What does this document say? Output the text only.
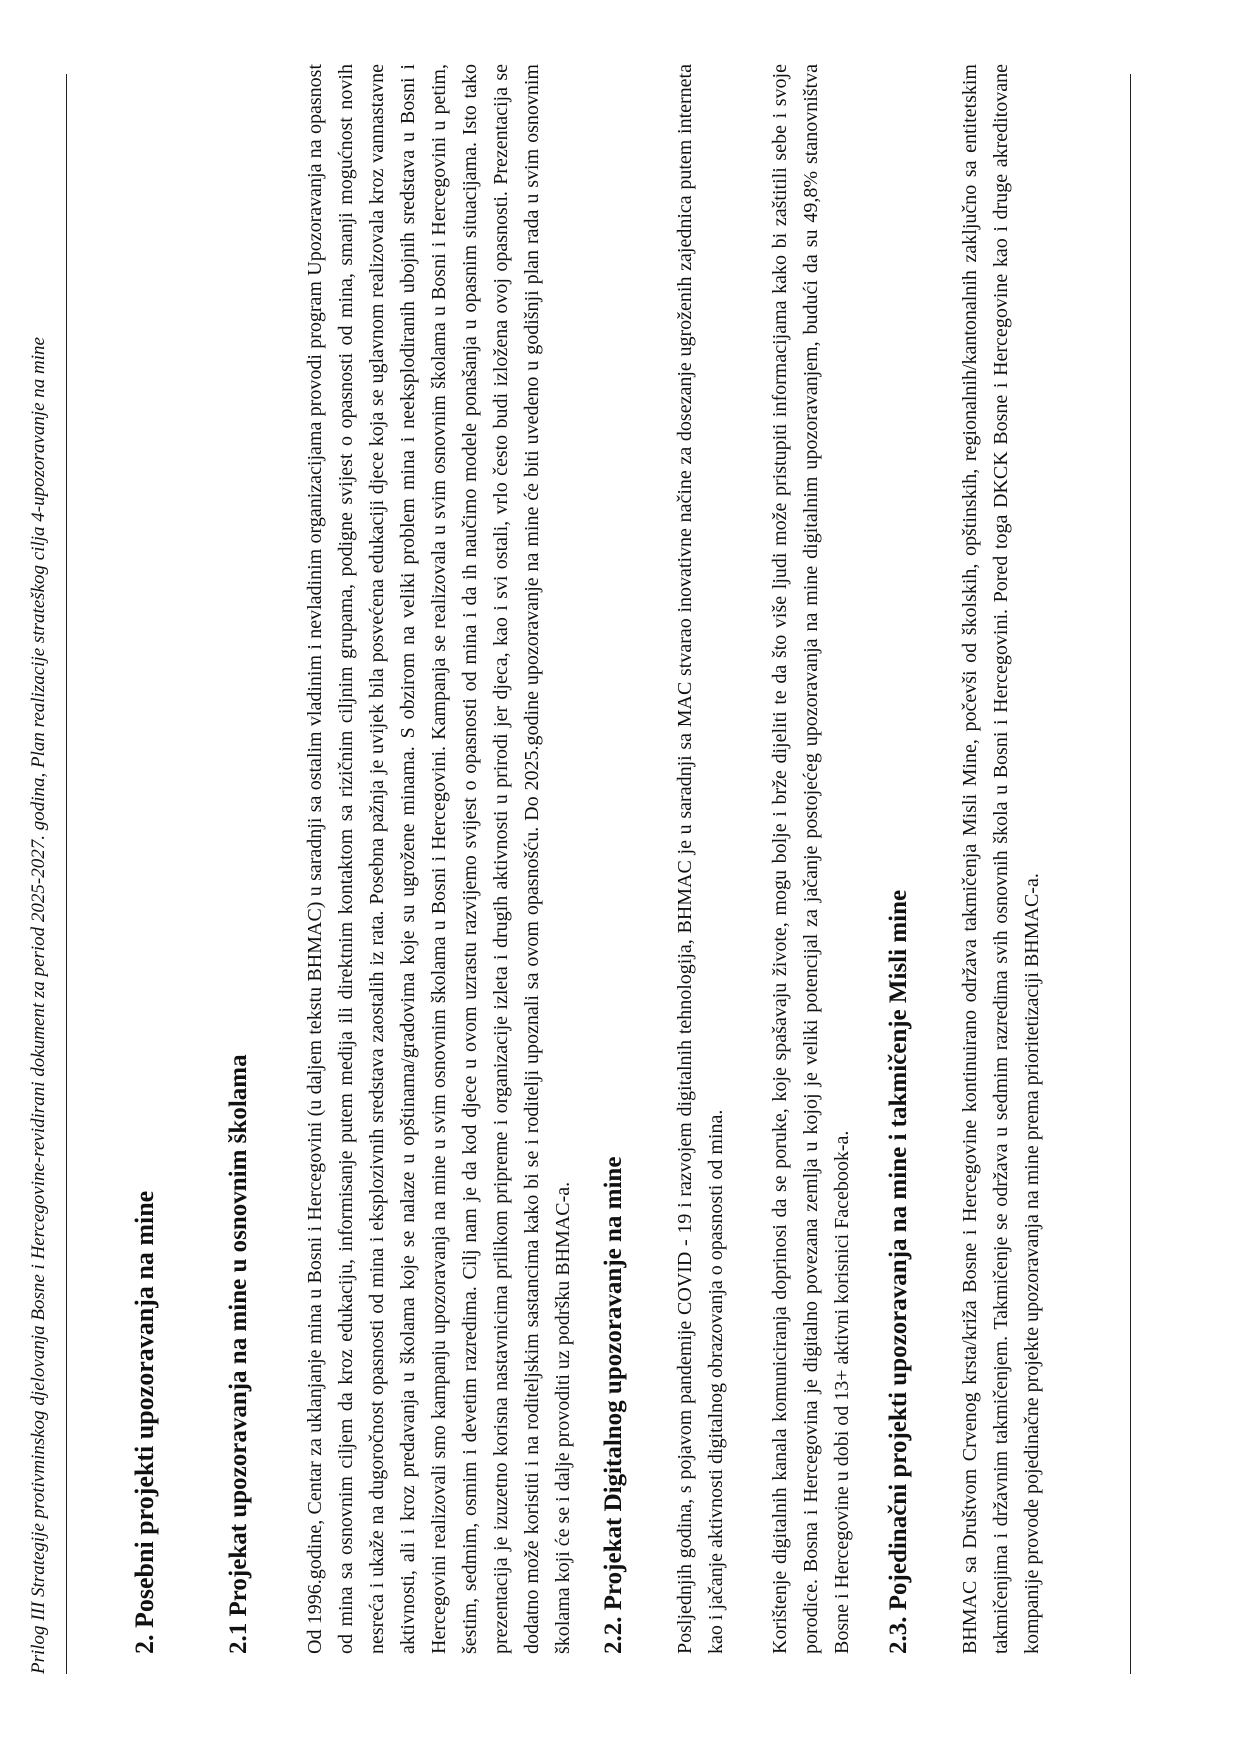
Prilog III Strategije protivminskog djelovanja Bosne i Hercegovine-revidirani dokument za period 2025-2027. godina, Plan realizacije strateškog cilja 4-upozoravanje na mine	2. Posebni projekti upozoravanja na mine	2.1 Projekat upozoravanja na mine u osnovnim školama	Od 1996.godine, Centar za uklanjanje mina u Bosni i Hercegovini (u daljem tekstu BHMAC) u saradnji sa ostalim vladinim i nevladinim organizacijama provodi program Upozoravanja na opasnost od mina sa osnovnim ciljem da kroz edukaciju, informisanje putem medija ili direktnim kontaktom sa rizičnim ciljnim grupama, podigne svijest o opasnosti od mina, smanji mogućnost novih nesreća i ukaže na dugoročnost opasnosti od mina i eksplozivnih sredstava zaostalih iz rata. Posebna pažnja je uvijek bila posvećena edukaciji djece koja se uglavnom realizovala kroz vannastavne aktivnosti, ali i kroz predavanja u školama koje se nalaze u opštinama/gradovima koje su ugrožene minama. S obzirom na veliki problem mina i neeksplodiranih ubojnih sredstava u Bosni i Hercegovini realizovali smo kampanju upozoravanja na mine u svim osnovnim školama u Bosni i Hercegovini. Kampanja se realizovala u svim osnovnim školama u Bosni i Hercegovini u petim, šestim, sedmim, osmim i devetim razredima. Cilj nam je da kod djece u ovom uzrastu razvijemo svijest o opasnosti od mina i da ih naučimo modele ponašanja u opasnim situacijama. Isto tako prezentacija je izuzetno korisna nastavnicima prilikom pripreme i organizacije izleta i drugih aktivnosti u prirodi jer djeca, kao i svi ostali, vrlo često budi izložena ovoj opasnosti. Prezentacija se dodatno može koristiti i na roditeljskim sastancima kako bi se i roditelji upoznali sa ovom opasnošću. Do 2025.godine upozoravanje na mine će biti uvedeno u godišnji plan rada u svim osnovnim školama koji će se i dalje provoditi uz podršku BHMAC-a. 2.2. Projekat Digitalnog upozoravanje na mine Posljednjih godina, s pojavom pandemije COVID - 19 i razvojem digitalnih tehnologija, BHMAC je u saradnji sa MAC stvarao inovativne načine za dosezanje ugroženih zajednica putem interneta kao i jačanje aktivnosti digitalnog obrazovanja o opasnosti od mina. Korištenje digitalnih kanala komuniciranja doprinosi da se poruke, koje spašavaju živote, mogu bolje i brže dijeliti te da što više ljudi može pristupiti informacijama kako bi zaštitili sebe i svoje porodice. Bosna i Hercegovina je digitalno povezana zemlja u kojoj je veliki potencijal za jačanje postojećeg upozoravanja na mine digitalnim upozoravanjem, budući da su 49,8% stanovništva Bosne i Hercegovine u dobi od 13+ aktivni korisnici Facebook-a. 2.3. Pojedinačni projekti upozoravanja na mine i takmičenje Misli mine BHMAC sa Društvom Crvenog krsta/križa Bosne i Hercegovine kontinuirano održava takmičenja Misli Mine, počevši od školskih, opštinskih, regionalnih/kantonalnih zaključno sa entitetskim takmičenjima i državnim takmičenjem. Takmičenje se održava u sedmim razredima svih osnovnih škola u Bosni i Hercegovini. Pored toga DKCK Bosne i Hercegovine kao i druge akreditovane kompanije provode pojedinačne projekte upozoravanja na mine prema prioritetizaciji BHMAC-a.
